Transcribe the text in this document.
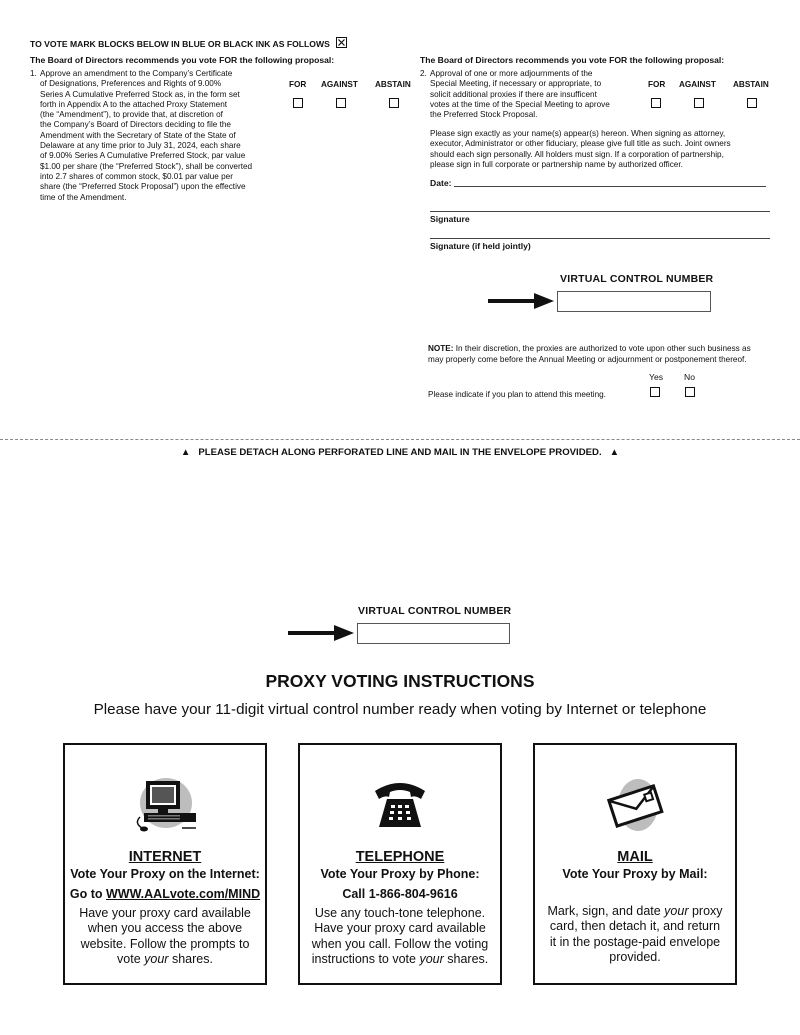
TO VOTE MARK BLOCKS BELOW IN BLUE OR BLACK INK AS FOLLOWS
The Board of Directors recommends you vote FOR the following proposal:
1. Approve an amendment to the Company’s Certificate
of Designations, Preferences and Rights of 9.00%
Series A Cumulative Preferred Stock as, in the form set
forth in Appendix A to the attached Proxy Statement
(the “Amendment”), to provide that, at discretion of
the Company’s Board of Directors deciding to file the
Amendment with the Secretary of State of the State of
Delaware at any time prior to July 31, 2024, each share
of 9.00% Series A Cumulative Preferred Stock, par value
$1.00 per share (the “Preferred Stock”), shall be converted
into 2.7 shares of common stock, $0.01 par value per
share (the “Preferred Stock Proposal”) upon the effective
time of the Amendment.
FOR AGAINST ABSTAIN
The Board of Directors recommends you vote FOR the following proposal:
2. Approval of one or more adjournments of the
Special Meeting, if necessary or appropriate, to
solicit additional proxies if there are insufficent
votes at the time of the Special Meeting to aprove
the Preferred Stock Proposal.
FOR AGAINST ABSTAIN
Please sign exactly as your name(s) appear(s) hereon. When signing as attorney,
executor, Administrator or other fiduciary, please give full title as such. Joint owners
should each sign personally. All holders must sign. If a corporation of partnership,
please sign in full corporate or partnership name by authorized officer.
Date:
Signature
Signature (if held jointly)
VIRTUAL CONTROL NUMBER
NOTE: In their discretion, the proxies are authorized to vote upon other such business as
may properly come before the Annual Meeting or adjournment or postponement thereof.
Yes No
Please indicate if you plan to attend this meeting.
▲ PLEASE DETACH ALONG PERFORATED LINE AND MAIL IN THE ENVELOPE PROVIDED. ▲
VIRTUAL CONTROL NUMBER
PROXY VOTING INSTRUCTIONS
Please have your 11-digit virtual control number ready when voting by Internet or telephone
INTERNET
Vote Your Proxy on the Internet:
Go to WWW.AALvote.com/MIND
Have your proxy card available
when you access the above
website. Follow the prompts to
vote your shares.
TELEPHONE
Vote Your Proxy by Phone:
Call 1-866-804-9616
Use any touch-tone telephone.
Have your proxy card available
when you call. Follow the voting
instructions to vote your shares.
MAIL
Vote Your Proxy by Mail:
Mark, sign, and date your proxy
card, then detach it, and return
it in the postage-paid envelope
provided.
